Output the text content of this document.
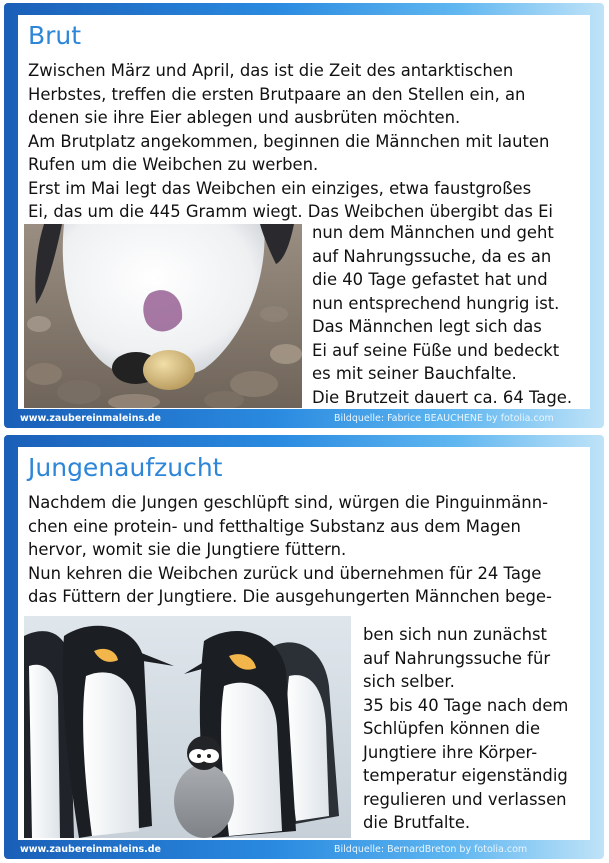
Brut
Zwischen März und April, das ist die Zeit des antarktischen
Herbstes, treffen die ersten Brutpaare an den Stellen ein, an
denen sie ihre Eier ablegen und ausbrüten möchten.
Am Brutplatz angekommen, beginnen die Männchen mit lauten
Rufen um die Weibchen zu werben.
Erst im Mai legt das Weibchen ein einziges, etwa faustgroßes
Ei, das um die 445 Gramm wiegt. Das Weibchen übergibt das Ei
nun dem Männchen und geht
auf Nahrungssuche, da es an
die 40 Tage gefastet hat und
nun entsprechend hungrig ist.
Das Männchen legt sich das
Ei auf seine Füße und bedeckt
es mit seiner Bauchfalte.
Die Brutzeit dauert ca. 64 Tage.
www.zaubereinmaleins.de	Bildquelle: Fabrice BEAUCHENE by fotolia.com
Jungenaufzucht
Nachdem die Jungen geschlüpft sind, würgen die Pinguinmänn-
chen eine protein- und fetthaltige Substanz aus dem Magen
hervor, womit sie die Jungtiere füttern.
Nun kehren die Weibchen zurück und übernehmen für 24 Tage
das Füttern der Jungtiere. Die ausgehungerten Männchen bege-
ben sich nun zunächst
auf Nahrungssuche für
sich selber.
35 bis 40 Tage nach dem
Schlüpfen können die
Jungtiere ihre Körper-
temperatur eigenständig
regulieren und verlassen
die Brutfalte.
www.zaubereinmaleins.de	Bildquelle: BernardBreton by fotolia.com
